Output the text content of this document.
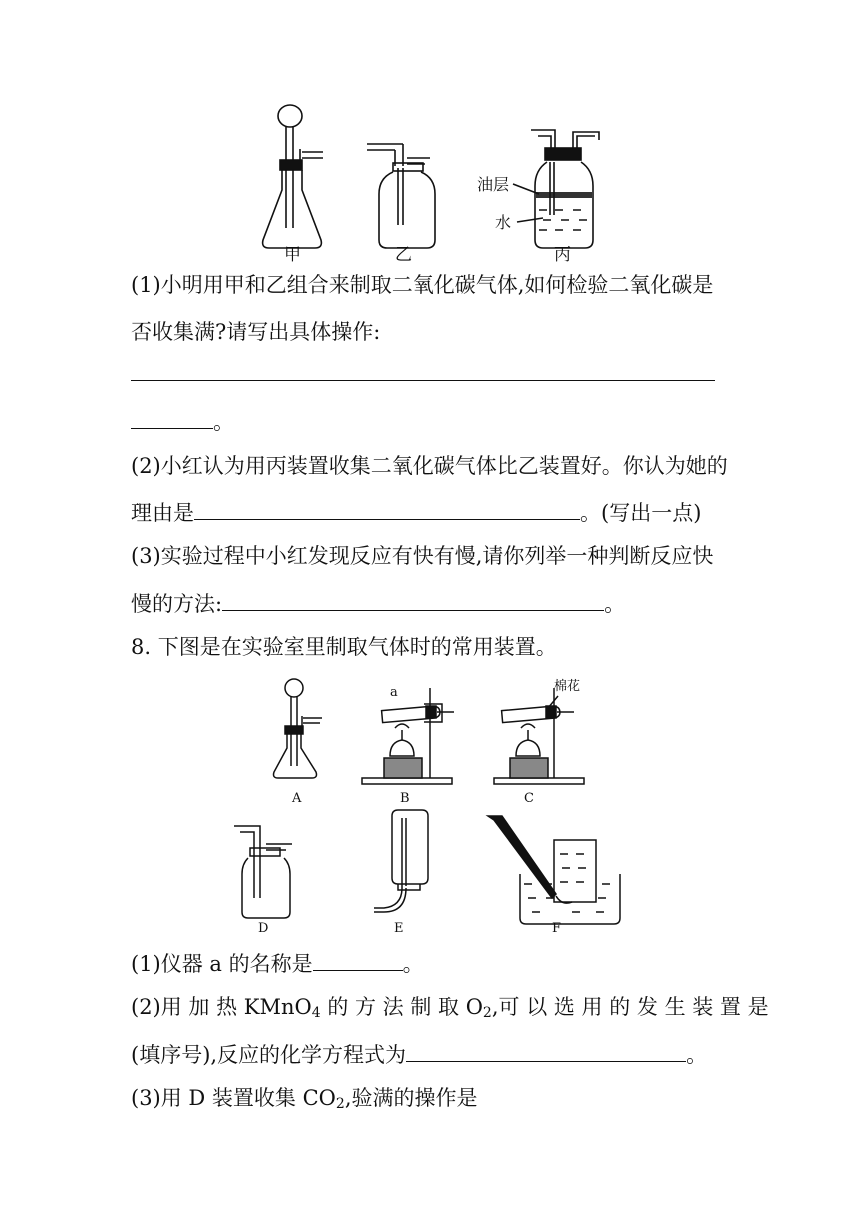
油层
水
甲	乙	丙
(1)小明用甲和乙组合来制取二氧化碳气体,如何检验二氧化碳是
否收集满?请写出具体操作:
。
(2)小红认为用丙装置收集二氧化碳气体比乙装置好。你认为她的
理由是	。(写出一点)
(3)实验过程中小红发现反应有快有慢,请你列举一种判断反应快
慢的方法:	。
8. 下图是在实验室里制取气体时的常用装置。
a	棉花
A	B	C
D	E	F
(1)仪器 a 的名称是	。
(2)用 加 热 KMnO$_4$ 的 方 法 制 取 $O_2$,可 以 选 用 的 发 生 装 置 是
(填序号),反应的化学方程式为	。
(3)用 D 装置收集 $CO_2$,验满的操作是
